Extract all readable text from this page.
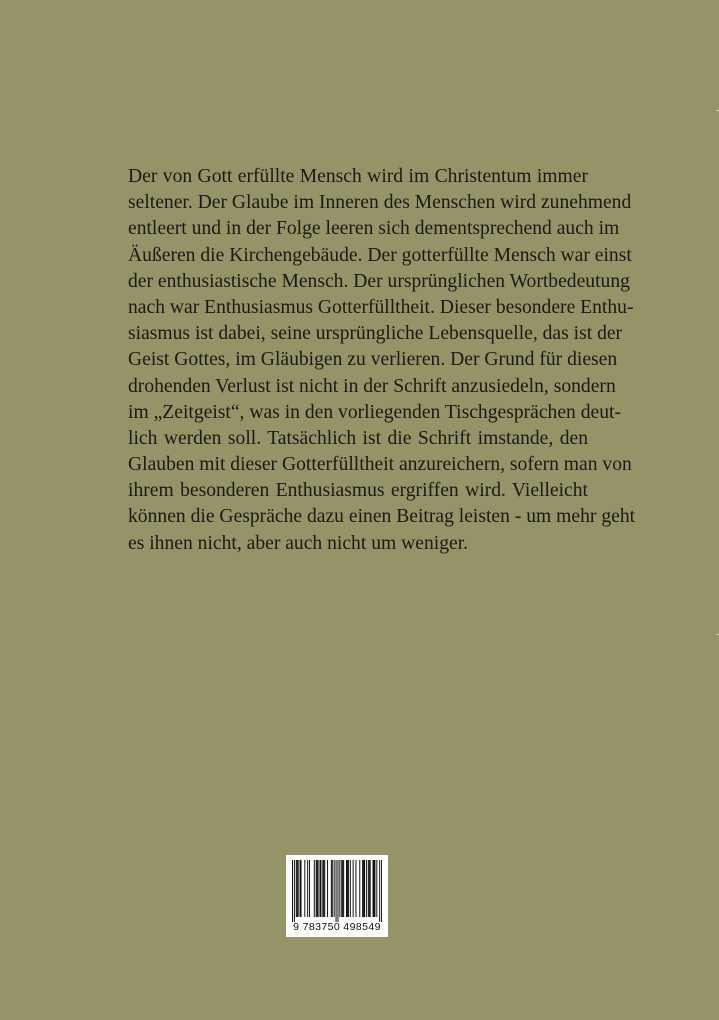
Der von Gott erfüllte Mensch wird im Christentum immer
seltener. Der Glaube im Inneren des Menschen wird zunehmend
entleert und in der Folge leeren sich dementsprechend auch im
Äußeren die Kirchengebäude. Der gotterfüllte Mensch war einst
der enthusiastische Mensch. Der ursprünglichen Wortbedeutung
nach war Enthusiasmus Gotterfülltheit. Dieser besondere Enthu-
siasmus ist dabei, seine ursprüngliche Lebensquelle, das ist der
Geist Gottes, im Gläubigen zu verlieren. Der Grund für diesen
drohenden Verlust ist nicht in der Schrift anzusiedeln, sondern
im „Zeitgeist“, was in den vorliegenden Tischgesprächen deut-
lich werden soll. Tatsächlich ist die Schrift imstande, den
Glauben mit dieser Gotterfülltheit anzureichern, sofern man von
ihrem besonderen Enthusiasmus ergriffen wird. Vielleicht
können die Gespräche dazu einen Beitrag leisten - um mehr geht
es ihnen nicht, aber auch nicht um weniger.
9 783750 498549
